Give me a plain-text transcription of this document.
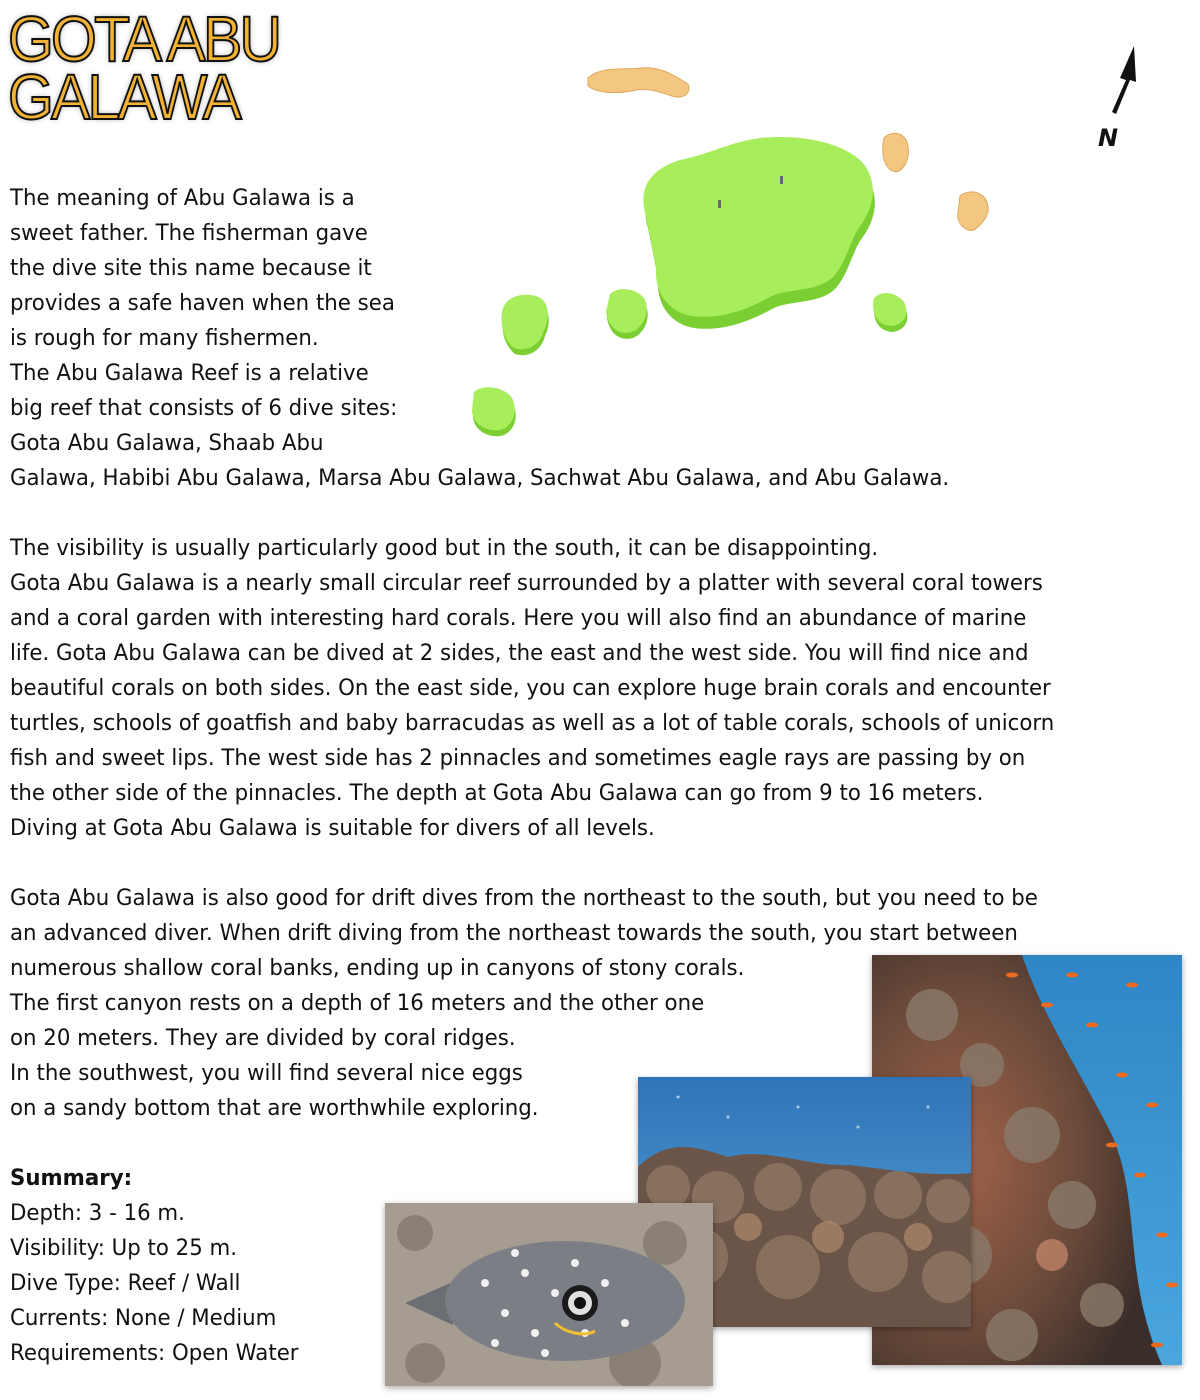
GOTA ABU
GALAWA
N

The meaning of Abu Galawa is a

sweet father. The fisherman gave

the dive site this name because it

provides a safe haven when the sea

is rough for many fishermen.

The Abu Galawa Reef is a relative

big reef that consists of 6 dive sites:

Gota Abu Galawa, Shaab Abu

Galawa, Habibi Abu Galawa, Marsa Abu Galawa, Sachwat Abu Galawa, and Abu Galawa.

The visibility is usually particularly good but in the south, it can be disappointing.

Gota Abu Galawa is a nearly small circular reef surrounded by a platter with several coral towers

and a coral garden with interesting hard corals. Here you will also find an abundance of marine

life. Gota Abu Galawa can be dived at 2 sides, the east and the west side. You will find nice and

beautiful corals on both sides. On the east side, you can explore huge brain corals and encounter

turtles, schools of goatfish and baby barracudas as well as a lot of table corals, schools of unicorn

fish and sweet lips. The west side has 2 pinnacles and sometimes eagle rays are passing by on

the other side of the pinnacles. The depth at Gota Abu Galawa can go from 9 to 16 meters.

Diving at Gota Abu Galawa is suitable for divers of all levels.

Gota Abu Galawa is also good for drift dives from the northeast to the south, but you need to be

an advanced diver. When drift diving from the northeast towards the south, you start between

numerous shallow coral banks, ending up in canyons of stony corals.

The first canyon rests on a depth of 16 meters and the other one

on 20 meters. They are divided by coral ridges.

In the southwest, you will find several nice eggs

on a sandy bottom that are worthwhile exploring.

Summary:

Depth: 3 - 16 m.

Visibility: Up to 25 m.

Dive Type: Reef / Wall

Currents: None / Medium

Requirements: Open Water
